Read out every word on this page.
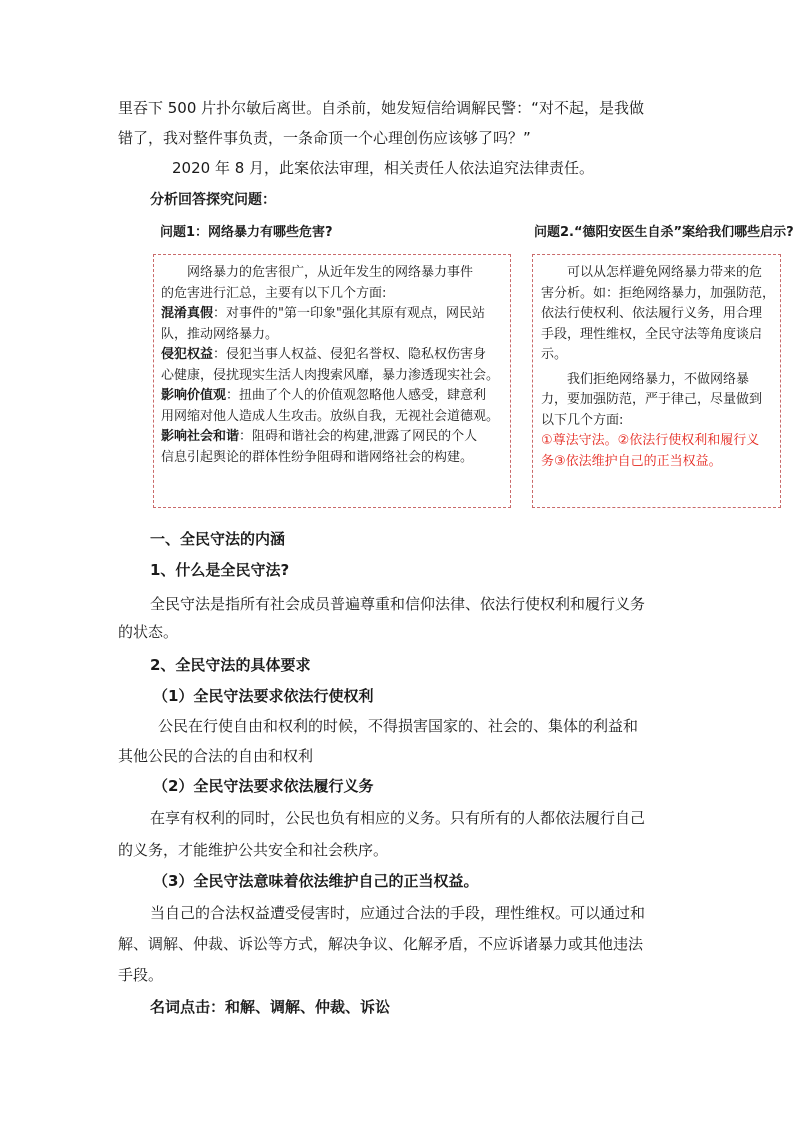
里吞下 500 片扑尔敏后离世。自杀前，她发短信给调解民警：“对不起，是我做
错了，我对整件事负责，一条命顶一个心理创伤应该够了吗？”
2020 年 8 月，此案依法审理，相关责任人依法追究法律责任。
分析回答探究问题：
问题1：网络暴力有哪些危害?	问题2.“德阳安医生自杀”案给我们哪些启示?
网络暴力的危害很广，从近年发生的网络暴力事件
的危害进行汇总，主要有以下几个方面:
混淆真假：对事件的"第一印象"强化其原有观点，网民站
队，推动网络暴力。
侵犯权益：侵犯当事人权益、侵犯名誉权、隐私权伤害身
心健康，侵扰现实生活人肉搜索风靡，暴力渗透现实社会。
影响价值观：扭曲了个人的价值观忽略他人感受，肆意利
用网缩对他人造成人生攻击。放纵自我，无视社会道德观。
影响社会和谐：阻碍和谐社会的构建,泄露了网民的个人
信息引起舆论的群体性纷争阻碍和谐网络社会的构建。
可以从怎样避免网络暴力带来的危
害分析。如：拒绝网络暴力，加强防范，
依法行使权利、依法履行义务，用合理
手段，理性维权，全民守法等角度谈启
示。
我们拒绝网络暴力，不做网络暴
力，要加强防范，严于律己，尽量做到
以下几个方面:
①尊法守法。②依法行使权利和履行义
务③依法维护自己的正当权益。
一、全民守法的内涵
1、什么是全民守法?
全民守法是指所有社会成员普遍尊重和信仰法律、依法行使权利和履行义务
的状态。
2、全民守法的具体要求
（1）全民守法要求依法行使权利
公民在行使自由和权利的时候，不得损害国家的、社会的、集体的利益和
其他公民的合法的自由和权利
（2）全民守法要求依法履行义务
在享有权利的同时，公民也负有相应的义务。只有所有的人都依法履行自己
的义务，才能维护公共安全和社会秩序。
（3）全民守法意味着依法维护自己的正当权益。
当自己的合法权益遭受侵害时，应通过合法的手段，理性维权。可以通过和
解、调解、仲裁、诉讼等方式，解决争议、化解矛盾，不应诉诸暴力或其他违法
手段。
名词点击：和解、调解、仲裁、诉讼
